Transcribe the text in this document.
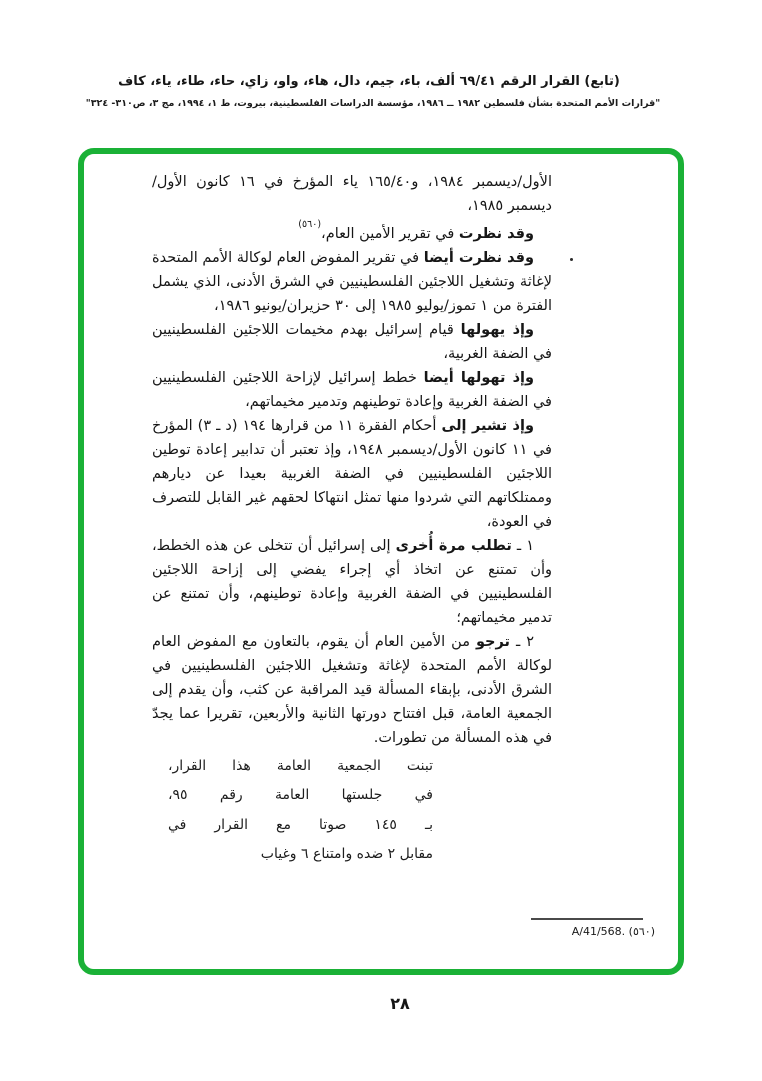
(تابع) القرار الرقم ٦٩/٤١ ألف، باء، جيم، دال، هاء، واو، زاي، حاء، طاء، ياء، كاف
"قرارات الأمم المتحدة بشأن فلسطين ١٩٨٢ ــ ١٩٨٦، مؤسسة الدراسات الفلسطينية، بيروت، ط ١، ١٩٩٤، مج ٣، ص٣١٠- ٣٢٤"

الأول/ديسمبر ١٩٨٤، و١٦٥/٤٠ ياء المؤرخ في ١٦ كانون الأول/ديسمبر ١٩٨٥،

وقد نظرت في تقرير الأمين العام،$^{(٥٦٠)}$

وقد نظرت أيضا في تقرير المفوض العام لوكالة الأمم المتحدة لإغاثة وتشغيل اللاجئين الفلسطينيين في الشرق الأدنى، الذي يشمل الفترة من ١ تموز/يوليو ١٩٨٥ إلى ٣٠ حزيران/يونيو ١٩٨٦،

وإذ يهولها قيام إسرائيل بهدم مخيمات اللاجئين الفلسطينيين في الضفة الغربية،

وإذ تهولها أيضا خطط إسرائيل لإزاحة اللاجئين الفلسطينيين في الضفة الغربية وإعادة توطينهم وتدمير مخيماتهم،

وإذ تشير إلى أحكام الفقرة ١١ من قرارها ١٩٤ (د ـ ٣) المؤرخ في ١١ كانون الأول/ديسمبر ١٩٤٨، وإذ تعتبر أن تدابير إعادة توطين اللاجئين الفلسطينيين في الضفة الغربية بعيدا عن ديارهم وممتلكاتهم التي شردوا منها تمثل انتهاكا لحقهم غير القابل للتصرف في العودة،

١ ـ تطلب مرة أُخرى إلى إسرائيل أن تتخلى عن هذه الخطط، وأن تمتنع عن اتخاذ أي إجراء يفضي إلى إزاحة اللاجئين الفلسطينيين في الضفة الغربية وإعادة توطينهم، وأن تمتنع عن تدمير مخيماتهم؛

٢ ـ ترجو من الأمين العام أن يقوم، بالتعاون مع المفوض العام لوكالة الأمم المتحدة لإغاثة وتشغيل اللاجئين الفلسطينيين في الشرق الأدنى، بإبقاء المسألة قيد المراقبة عن كثب، وأن يقدم إلى الجمعية العامة، قبل افتتاح دورتها الثانية والأربعين، تقريرا عما يجدّ في هذه المسألة من تطورات.

تبنت الجمعية العامة هذا القرار،
في جلستها العامة رقم ٩٥،
بـ ١٤٥ صوتا مع القرار في
مقابل ٢ ضده وامتناع ٦ وغياب
(٥٦٠) A/41/568.
٢٨
